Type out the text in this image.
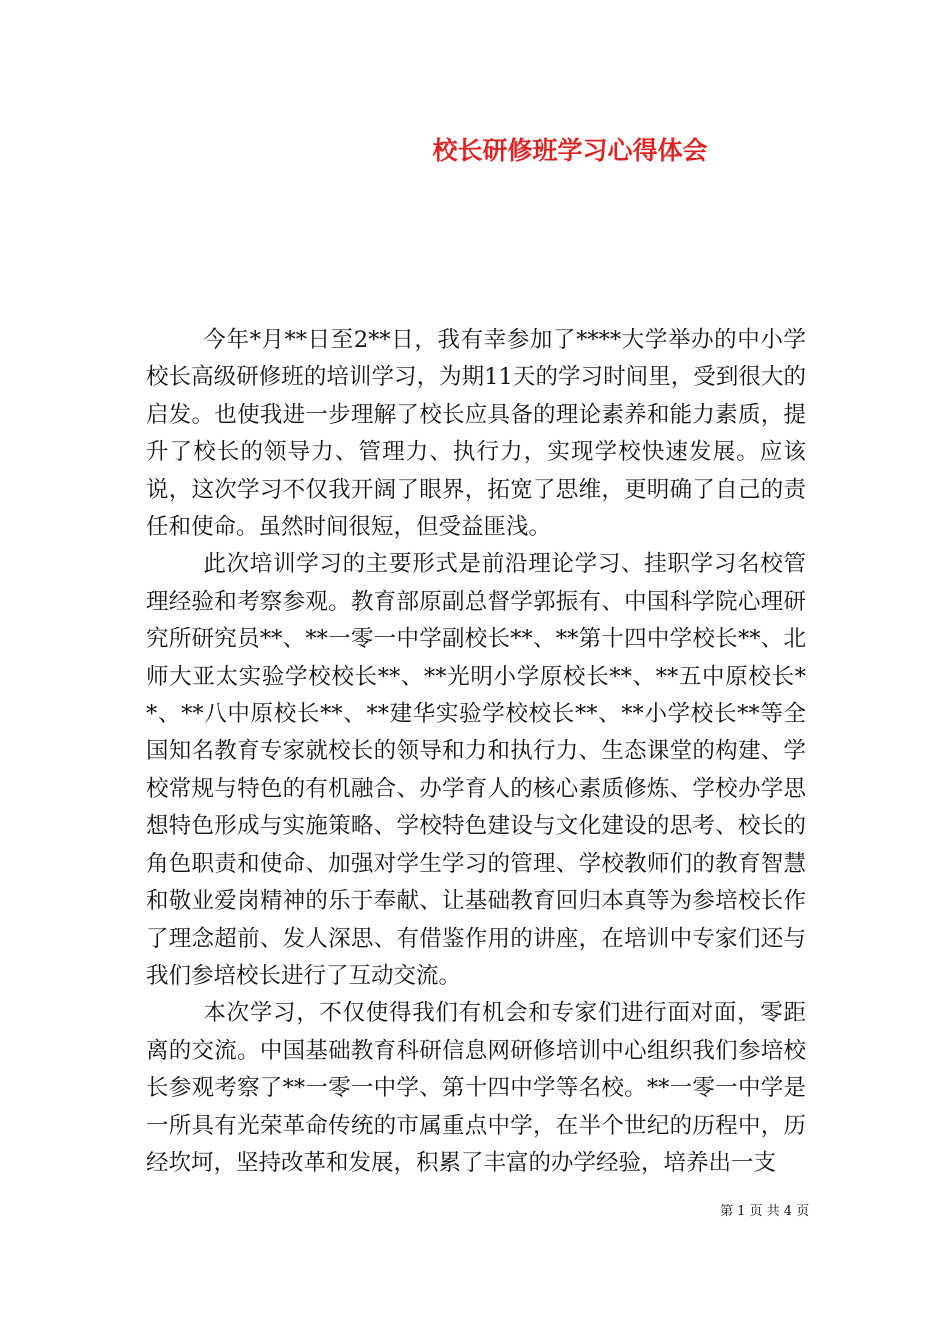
校长研修班学习心得体会

今年*月**日至2**日，我有幸参加了****大学举办的中小学校长高级研修班的培训学习，为期11天的学习时间里，受到很大的启发。也使我进一步理解了校长应具备的理论素养和能力素质，提升了校长的领导力、管理力、执行力，实现学校快速发展。应该说，这次学习不仅我开阔了眼界，拓宽了思维，更明确了自己的责任和使命。虽然时间很短，但受益匪浅。

此次培训学习的主要形式是前沿理论学习、挂职学习名校管理经验和考察参观。教育部原副总督学郭振有、中国科学院心理研究所研究员**、**一零一中学副校长**、**第十四中学校长**、北师大亚太实验学校校长**、**光明小学原校长**、**五中原校长**、**八中原校长**、**建华实验学校校长**、**小学校长**等全国知名教育专家就校长的领导和力和执行力、生态课堂的构建、学校常规与特色的有机融合、办学育人的核心素质修炼、学校办学思想特色形成与实施策略、学校特色建设与文化建设的思考、校长的角色职责和使命、加强对学生学习的管理、学校教师们的教育智慧和敬业爱岗精神的乐于奉献、让基础教育回归本真等为参培校长作了理念超前、发人深思、有借鉴作用的讲座，在培训中专家们还与我们参培校长进行了互动交流。

本次学习，不仅使得我们有机会和专家们进行面对面，零距离的交流。中国基础教育科研信息网研修培训中心组织我们参培校长参观考察了**一零一中学、第十四中学等名校。**一零一中学是一所具有光荣革命传统的市属重点中学，在半个世纪的历程中，历经坎坷，坚持改革和发展，积累了丰富的办学经验，培养出一支

第 1 页 共 4 页
